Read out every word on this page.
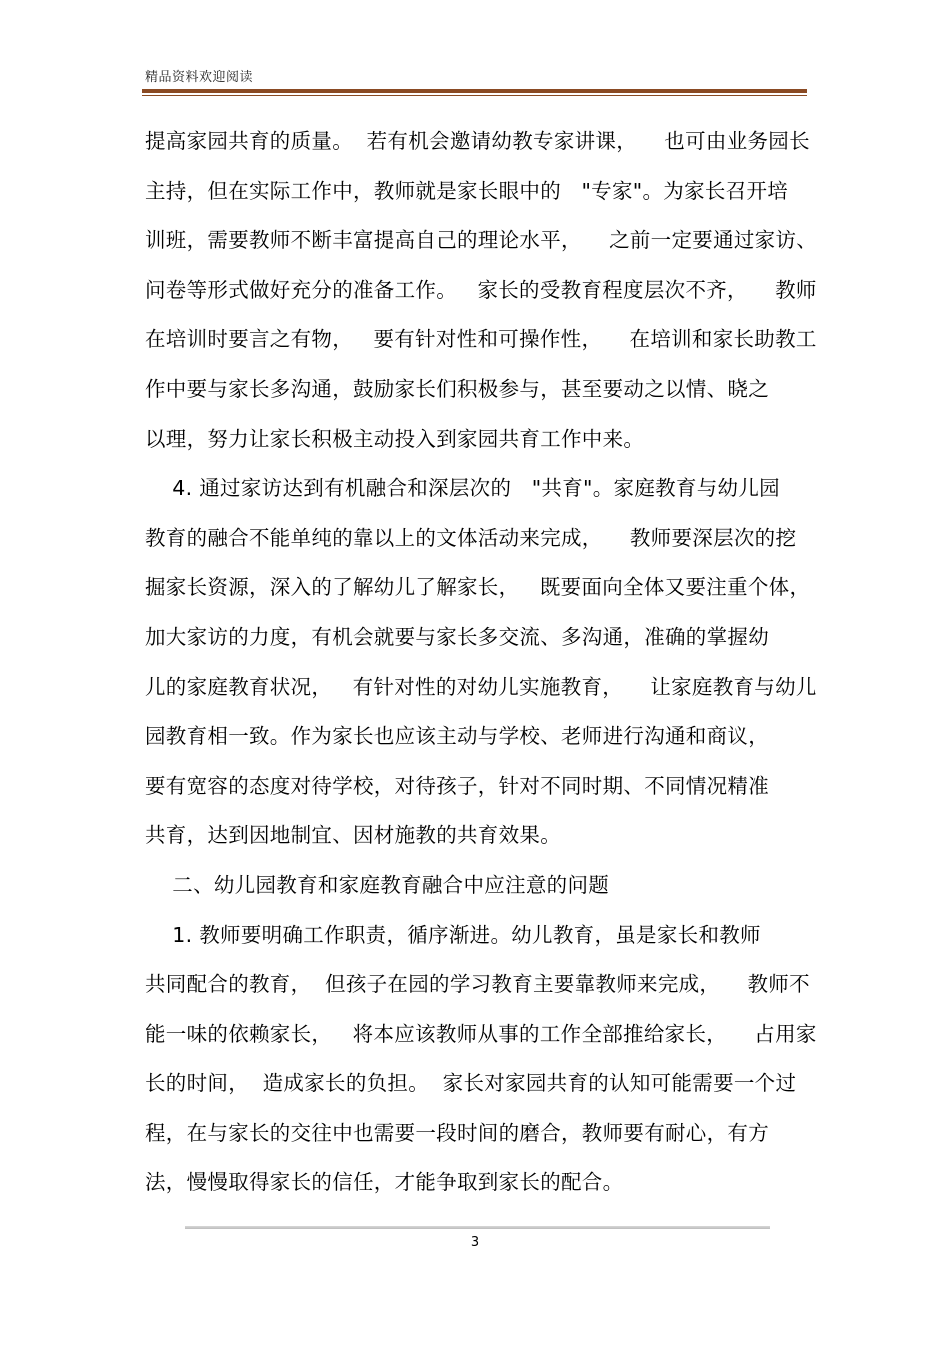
精品资料欢迎阅读
提高家园共育的质量。  若有机会邀请幼教专家讲课，    也可由业务园长
主持，但在实际工作中，教师就是家长眼中的   "专家"。为家长召开培
训班，需要教师不断丰富提高自己的理论水平，    之前一定要通过家访、
问卷等形式做好充分的准备工作。   家长的受教育程度层次不齐，    教师
在培训时要言之有物，   要有针对性和可操作性，    在培训和家长助教工
作中要与家长多沟通，鼓励家长们积极参与，甚至要动之以情、晓之
以理，努力让家长积极主动投入到家园共育工作中来。
4. 通过家访达到有机融合和深层次的   "共育"。家庭教育与幼儿园
教育的融合不能单纯的靠以上的文体活动来完成，    教师要深层次的挖
掘家长资源，深入的了解幼儿了解家长，   既要面向全体又要注重个体，
加大家访的力度，有机会就要与家长多交流、多沟通，准确的掌握幼
儿的家庭教育状况，   有针对性的对幼儿实施教育，    让家庭教育与幼儿
园教育相一致。作为家长也应该主动与学校、老师进行沟通和商议，
要有宽容的态度对待学校，对待孩子，针对不同时期、不同情况精准
共育，达到因地制宜、因材施教的共育效果。
二、幼儿园教育和家庭教育融合中应注意的问题
1. 教师要明确工作职责，循序渐进。幼儿教育，虽是家长和教师
共同配合的教育，  但孩子在园的学习教育主要靠教师来完成，    教师不
能一味的依赖家长，   将本应该教师从事的工作全部推给家长，    占用家
长的时间，  造成家长的负担。  家长对家园共育的认知可能需要一个过
程，在与家长的交往中也需要一段时间的磨合，教师要有耐心，有方
法，慢慢取得家长的信任，才能争取到家长的配合。
3
